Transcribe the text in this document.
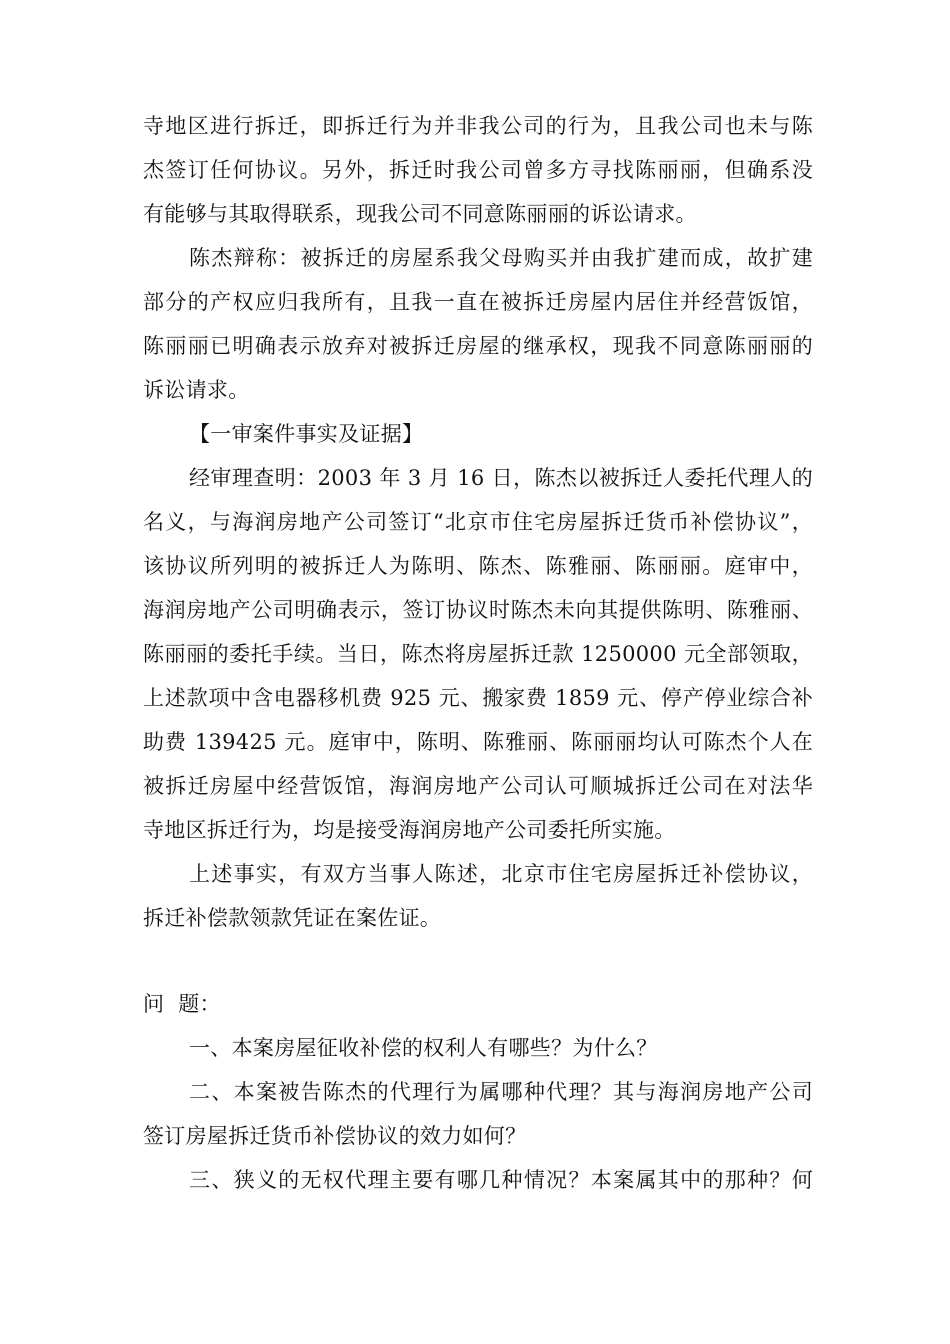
寺地区进行拆迁，即拆迁行为并非我公司的行为，且我公司也未与陈
杰签订任何协议。另外，拆迁时我公司曾多方寻找陈丽丽，但确系没
有能够与其取得联系，现我公司不同意陈丽丽的诉讼请求。
陈杰辩称：被拆迁的房屋系我父母购买并由我扩建而成，故扩建
部分的产权应归我所有，且我一直在被拆迁房屋内居住并经营饭馆，
陈丽丽已明确表示放弃对被拆迁房屋的继承权，现我不同意陈丽丽的
诉讼请求。
【一审案件事实及证据】
经审理查明：2003 年 3 月 16 日，陈杰以被拆迁人委托代理人的
名义，与海润房地产公司签订“北京市住宅房屋拆迁货币补偿协议”，
该协议所列明的被拆迁人为陈明、陈杰、陈雅丽、陈丽丽。庭审中，
海润房地产公司明确表示，签订协议时陈杰未向其提供陈明、陈雅丽、
陈丽丽的委托手续。当日，陈杰将房屋拆迁款 1250000 元全部领取，
上述款项中含电器移机费 925 元、搬家费 1859 元、停产停业综合补
助费 139425 元。庭审中，陈明、陈雅丽、陈丽丽均认可陈杰个人在
被拆迁房屋中经营饭馆，海润房地产公司认可顺城拆迁公司在对法华
寺地区拆迁行为，均是接受海润房地产公司委托所实施。
上述事实，有双方当事人陈述，北京市住宅房屋拆迁补偿协议，
拆迁补偿款领款凭证在案佐证。
问  题：
一、本案房屋征收补偿的权利人有哪些？为什么？
二、本案被告陈杰的代理行为属哪种代理？其与海润房地产公司
签订房屋拆迁货币补偿协议的效力如何？
三、狭义的无权代理主要有哪几种情况？本案属其中的那种？何
